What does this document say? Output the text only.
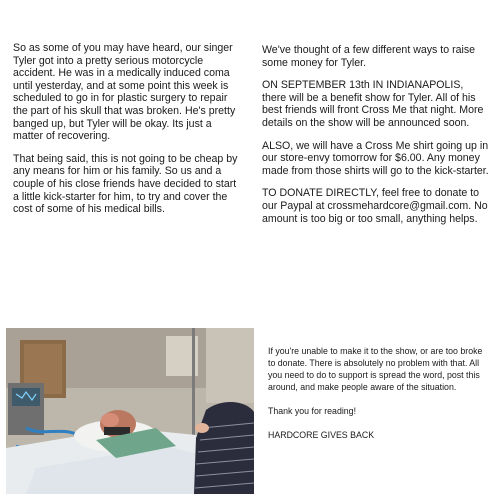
So as some of you may have heard, our singer Tyler got into a pretty serious motorcycle accident. He was in a medically induced coma until yesterday, and at some point this week is scheduled to go in for plastic surgery to repair the part of his skull that was broken. He's pretty banged up, but Tyler will be okay. Its just a matter of recovering.

That being said, this is not going to be cheap by any means for him or his family. So us and a couple of his close friends have decided to start a little kick-starter for him, to try and cover the cost of some of his medical bills.

We've thought of a few different ways to raise some money for Tyler.

ON SEPTEMBER 13th IN INDIANAPOLIS, there will be a benefit show for Tyler. All of his best friends will front Cross Me that night. More details on the show will be announced soon.

ALSO, we will have a Cross Me shirt going up in our store-envy tomorrow for $6.00. Any money made from those shirts will go to the kick-starter.

TO DONATE DIRECTLY, feel free to donate to our Paypal at crossmehardcore@gmail.com. No amount is too big or too small, anything helps.

If you're unable to make it to the show, or are too broke to donate. There is absolutely no problem with that. All you need to do to support is spread the word, post this around, and make people aware of the situation.

Thank you for reading!

HARDCORE GIVES BACK
